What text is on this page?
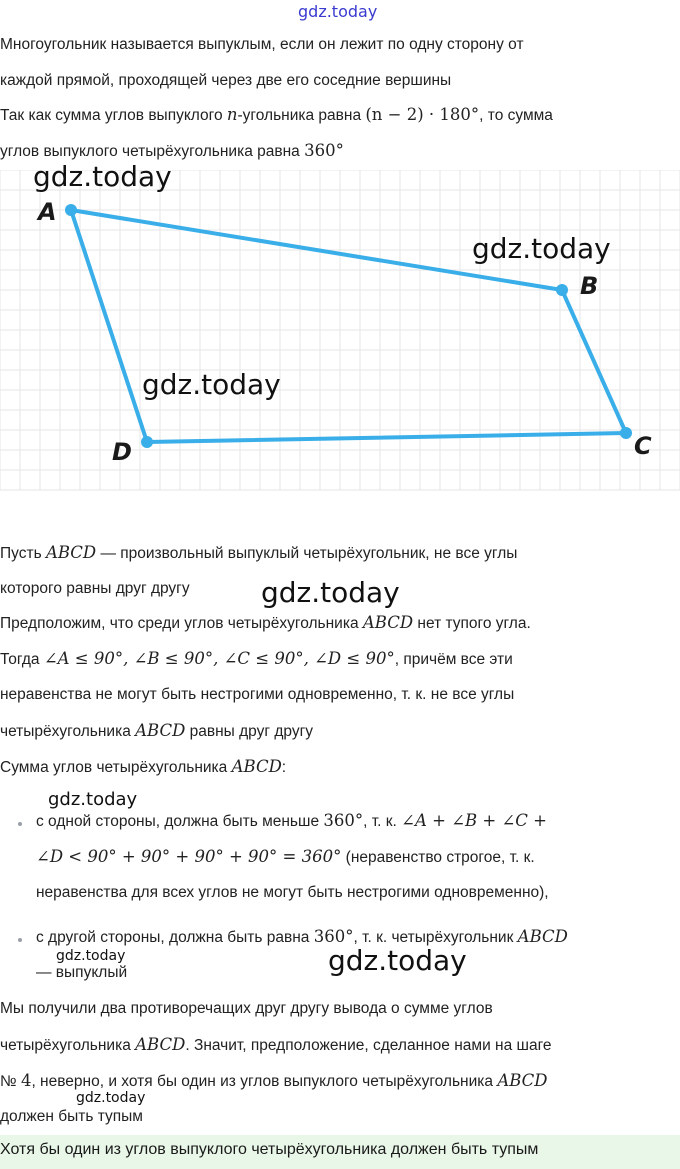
gdz.today

Многоугольник называется выпуклым, если он лежит по одну сторону от

каждой прямой, проходящей через две его соседние вершины

Так как сумма углов выпуклого n-угольника равна (n − 2) · 180°, то сумма

углов выпуклого четырёхугольника равна 360°

A
B
C
D
gdz.today
gdz.today
gdz.today

Пусть ABCD — произвольный выпуклый четырёхугольник, не все углы

которого равны друг другу	gdz.today

Предположим, что среди углов четырёхугольника ABCD нет тупого угла.

Тогда ∠A ≤ 90°, ∠B ≤ 90°, ∠C ≤ 90°, ∠D ≤ 90°, причём все эти

неравенства не могут быть нестрогими одновременно, т. к. не все углы

четырёхугольника ABCD равны друг другу

Сумма углов четырёхугольника ABCD:

gdz.today

с одной стороны, должна быть меньше 360°, т. к. ∠A + ∠B + ∠C +

∠D < 90° + 90° + 90° + 90° = 360° (неравенство строгое, т. к.

неравенства для всех углов не могут быть нестрогими одновременно),

с другой стороны, должна быть равна 360°, т. к. четырёхугольник ABCD

gdz.today

— выпуклый	gdz.today

Мы получили два противоречащих друг другу вывода о сумме углов

четырёхугольника ABCD. Значит, предположение, сделанное нами на шаге

№ 4, неверно, и хотя бы один из углов выпуклого четырёхугольника ABCD

gdz.today

должен быть тупым

Хотя бы один из углов выпуклого четырёхугольника должен быть тупым
